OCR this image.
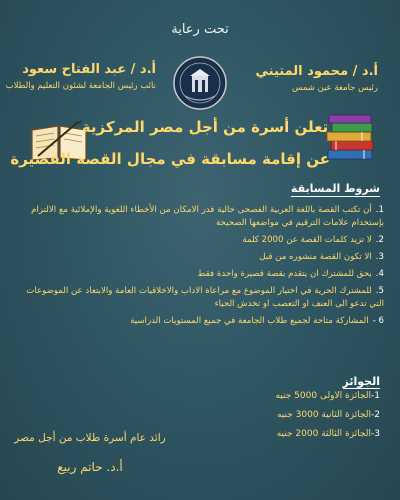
تحت رعاية
أ.د / عبد الفتاح سعود
نائب رئيس الجامعة لشئون التعليم والطلاب
أ.د / محمود المتيني
رئيس جامعة عين شمس
تعلن أسرة من أجل مصر المركزية
عن إقامة مسابقة في مجال القصة القصيرة
شروط المسابقة
1.أن تكتب القصة باللغة العربية الفصحى خالية قدر الامكان من الأخطاء اللغوية والإملائية مع الالتزام بإستخدام علامات الترقيم في مواضعها الصحيحة
2.لا تزيد كلمات القصة عن 2000 كلمة
3.الا تكون القصة منشوره من قبل
4.يحق للمشترك ان يتقدم بقصة قصيرة واحدة فقط
5.للمشترك الحرية في اختيار الموضوع مع مراعاة الاداب والاخلاقيات العامة والابتعاد عن الموضوعات التي تدعو الى العنف او التعصب او تخدش الحياء
6 -المشاركة متاحة لجميع طلاب الجامعة في جميع المستويات الدراسية
الجوائز
1-الجائزة الاولى 5000 جنيه
2-الجائزة الثانية 3000 جنيه
3-الجائزة الثالثة 2000 جنيه
رائد عام أسرة طلاب من أجل مصر
أ.د. حاتم ربيع
